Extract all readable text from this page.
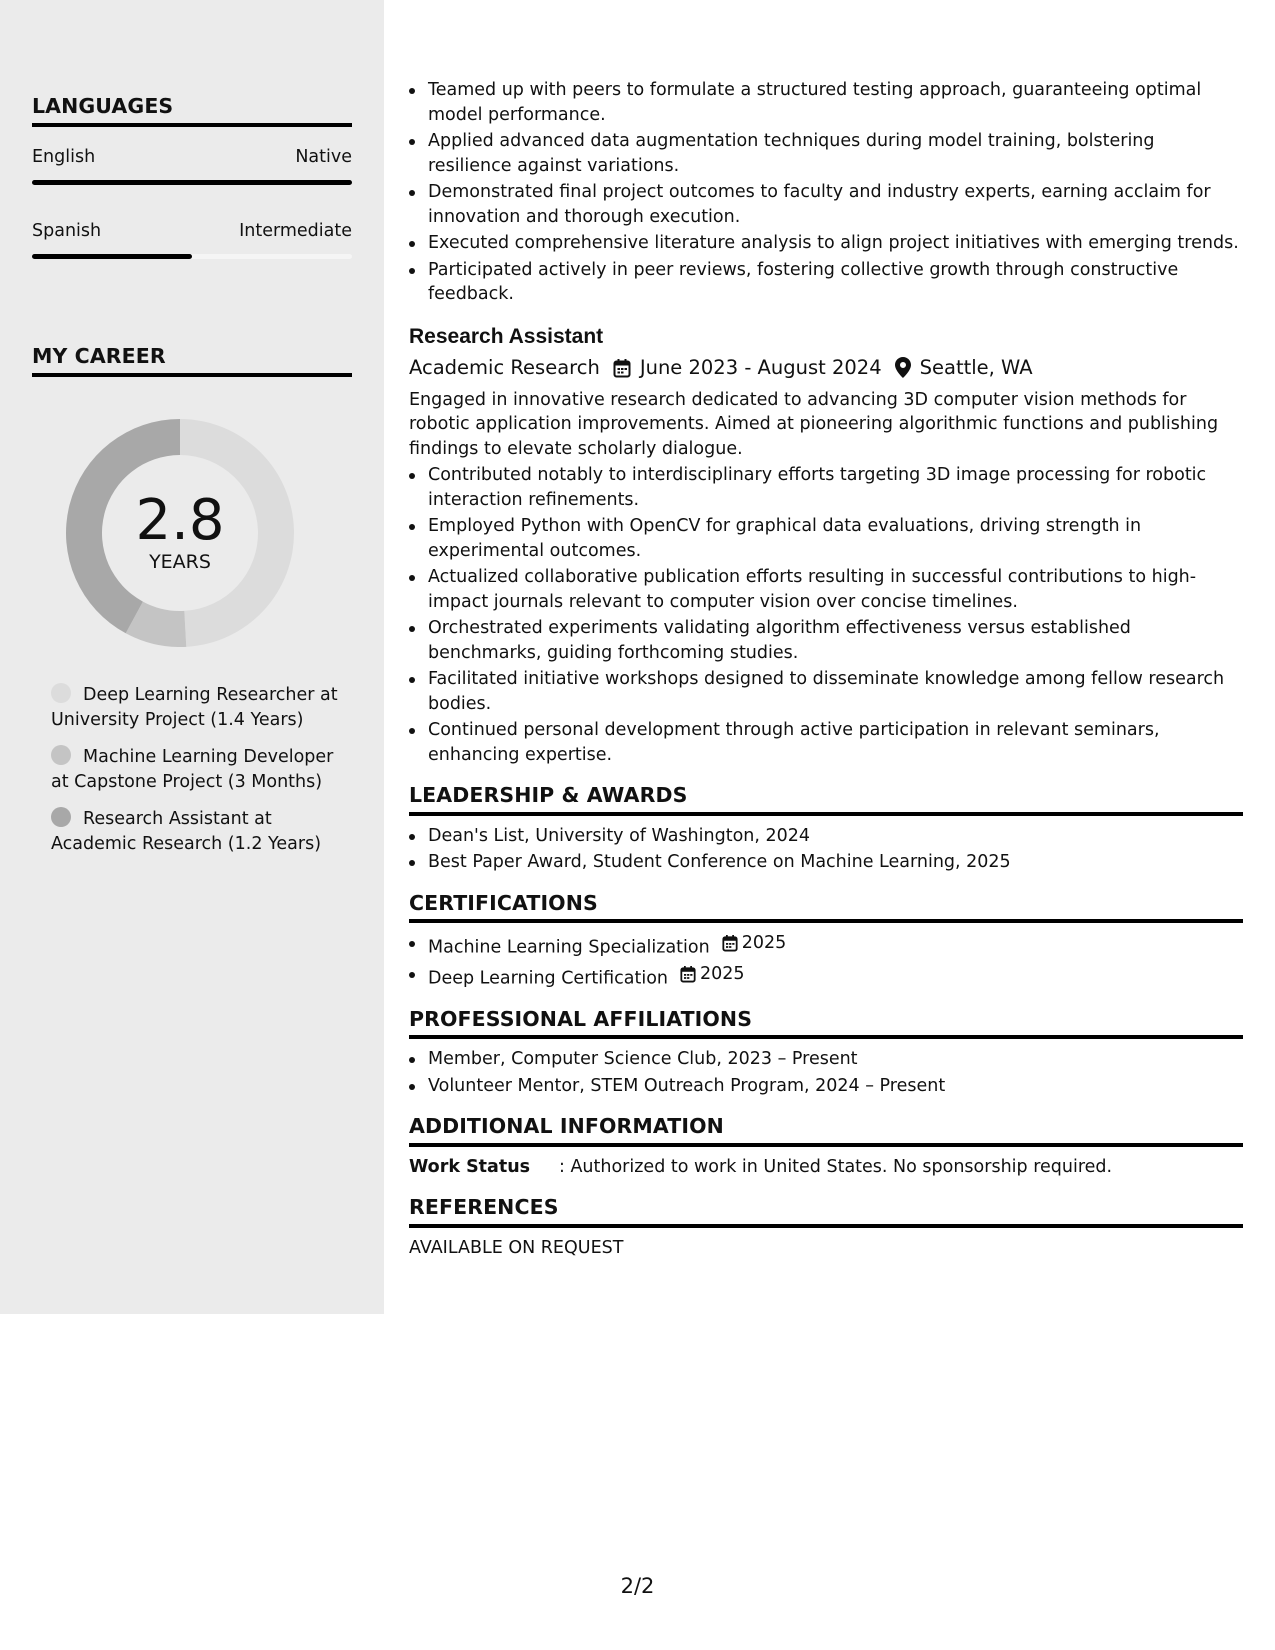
LANGUAGES
English	Native
Spanish	Intermediate
MY CAREER
2.8
YEARS
Deep Learning Researcher at University Project (1.4 Years)
Machine Learning Developer at Capstone Project (3 Months)
Research Assistant at Academic Research (1.2 Years)
Teamed up with peers to formulate a structured testing approach, guaranteeing optimal model performance.
Applied advanced data augmentation techniques during model training, bolstering resilience against variations.
Demonstrated final project outcomes to faculty and industry experts, earning acclaim for innovation and thorough execution.
Executed comprehensive literature analysis to align project initiatives with emerging trends.
Participated actively in peer reviews, fostering collective growth through constructive feedback.
Research Assistant
Academic Research June 2023 - August 2024 Seattle, WA
Engaged in innovative research dedicated to advancing 3D computer vision methods for robotic application improvements. Aimed at pioneering algorithmic functions and publishing findings to elevate scholarly dialogue.
Contributed notably to interdisciplinary efforts targeting 3D image processing for robotic interaction refinements.
Employed Python with OpenCV for graphical data evaluations, driving strength in experimental outcomes.
Actualized collaborative publication efforts resulting in successful contributions to high-impact journals relevant to computer vision over concise timelines.
Orchestrated experiments validating algorithm effectiveness versus established benchmarks, guiding forthcoming studies.
Facilitated initiative workshops designed to disseminate knowledge among fellow research bodies.
Continued personal development through active participation in relevant seminars, enhancing expertise.
LEADERSHIP & AWARDS
Dean's List, University of Washington, 2024
Best Paper Award, Student Conference on Machine Learning, 2025
CERTIFICATIONS
Machine Learning Specialization 2025
Deep Learning Certification 2025
PROFESSIONAL AFFILIATIONS
Member, Computer Science Club, 2023 – Present
Volunteer Mentor, STEM Outreach Program, 2024 – Present
ADDITIONAL INFORMATION
Work Status	: Authorized to work in United States. No sponsorship required.
REFERENCES
AVAILABLE ON REQUEST
2/2
